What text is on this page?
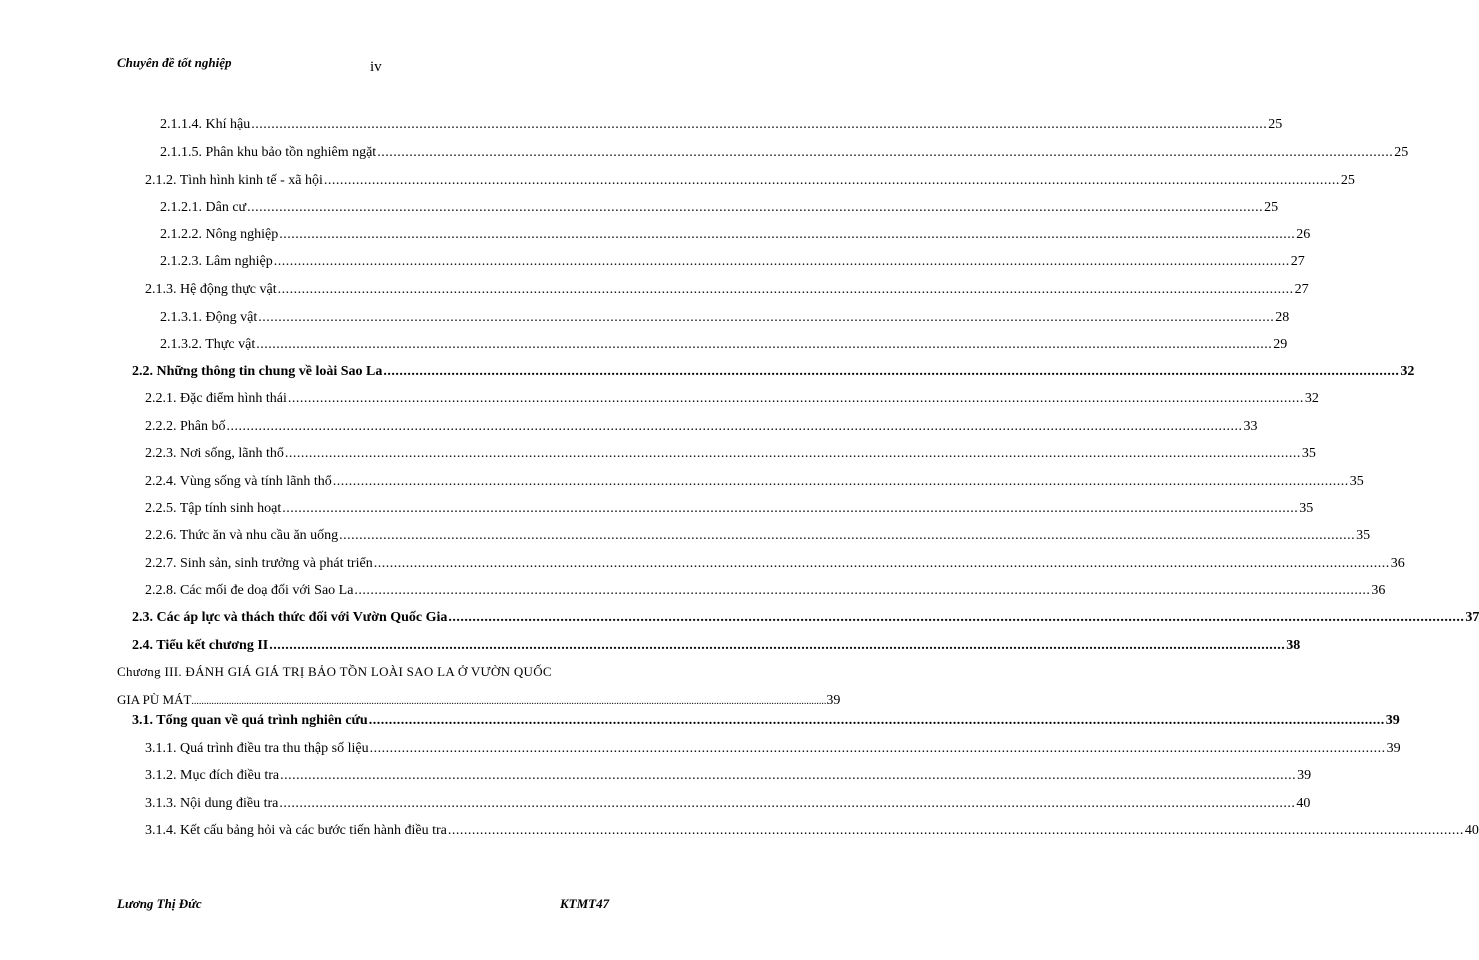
Chuyên đề tốt nghiệp	iv
2.1.1.4. Khí hậu .............................................................................................................................................................................................................................................................. 25
2.1.1.5. Phân khu bảo tồn nghiêm ngặt .............................................................................................................................................................................................................................................................. 25
2.1.2. Tình hình kinh tế - xã hội .............................................................................................................................................................................................................................................................. 25
2.1.2.1. Dân cư .............................................................................................................................................................................................................................................................. 25
2.1.2.2. Nông nghiệp .............................................................................................................................................................................................................................................................. 26
2.1.2.3. Lâm nghiệp .............................................................................................................................................................................................................................................................. 27
2.1.3. Hệ động thực vật .............................................................................................................................................................................................................................................................. 27
2.1.3.1. Động vật .............................................................................................................................................................................................................................................................. 28
2.1.3.2. Thực vật .............................................................................................................................................................................................................................................................. 29
2.2. Những thông tin chung về loài Sao La .............................................................................................................................................................................................................................................................. 32
2.2.1. Đặc điểm hình thái .............................................................................................................................................................................................................................................................. 32
2.2.2. Phân bố .............................................................................................................................................................................................................................................................. 33
2.2.3. Nơi sống, lãnh thổ .............................................................................................................................................................................................................................................................. 35
2.2.4. Vùng sống và tính lãnh thổ .............................................................................................................................................................................................................................................................. 35
2.2.5. Tập tính sinh hoạt .............................................................................................................................................................................................................................................................. 35
2.2.6. Thức ăn và nhu cầu ăn uống .............................................................................................................................................................................................................................................................. 35
2.2.7. Sinh sản, sinh trưởng và phát triển .............................................................................................................................................................................................................................................................. 36
2.2.8. Các mối đe doạ đối với Sao La .............................................................................................................................................................................................................................................................. 36
2.3. Các áp lực và thách thức đối với Vườn Quốc Gia .............................................................................................................................................................................................................................................................. 37
2.4. Tiểu kết chương II .............................................................................................................................................................................................................................................................. 38
Chương III. ĐÁNH GIÁ GIÁ TRỊ BẢO TỒN LOÀI SAO LA Ở VƯỜN QUỐC
GIA PÙ MÁT .............................................................................................................................................................................................................................................................. 39
3.1. Tổng quan về quá trình nghiên cứu .............................................................................................................................................................................................................................................................. 39
3.1.1. Quá trình điều tra thu thập số liệu .............................................................................................................................................................................................................................................................. 39
3.1.2. Mục đích điều tra .............................................................................................................................................................................................................................................................. 39
3.1.3. Nội dung điều tra .............................................................................................................................................................................................................................................................. 40
3.1.4. Kết cấu bảng hỏi và các bước tiến hành điều tra .............................................................................................................................................................................................................................................................. 40
Lương Thị Đức	KTMT47
